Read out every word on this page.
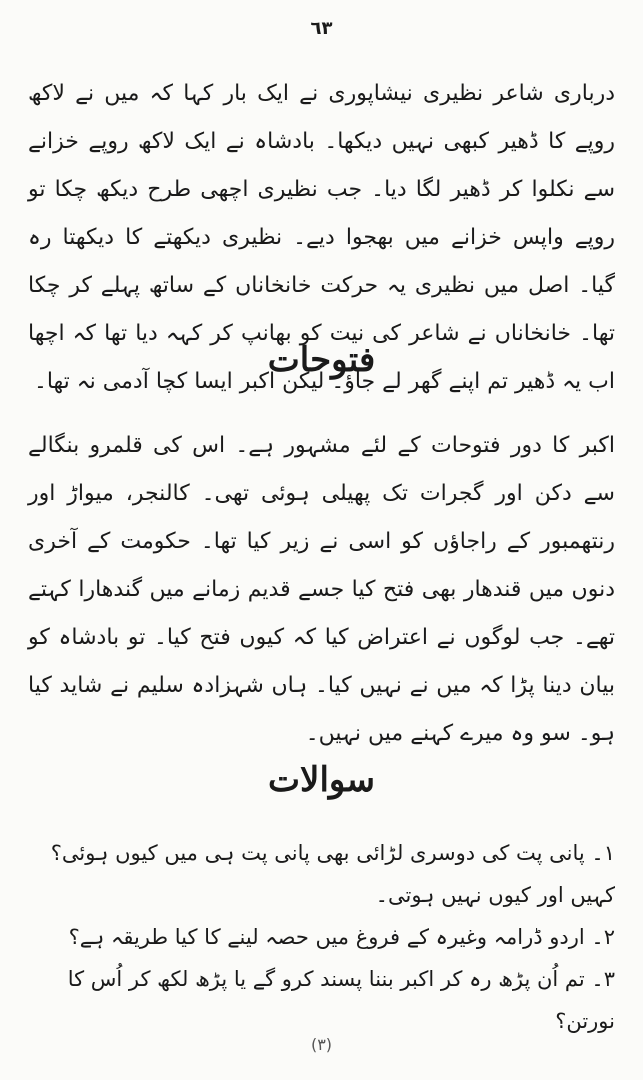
٦٣

درباری شاعر نظیری نیشاپوری نے ایک بار کہا کہ میں نے لاکھ روپے کا ڈھیر کبھی نہیں دیکھا۔ بادشاہ نے ایک لاکھ روپے خزانے سے نکلوا کر ڈھیر لگا دیا۔ جب نظیری اچھی طرح دیکھ چکا تو روپے واپس خزانے میں بھجوا دیے۔ نظیری دیکھتے کا دیکھتا رہ گیا۔ اصل میں نظیری یہ حرکت خانخاناں کے ساتھ پہلے کر چکا تھا۔ خانخاناں نے شاعر کی نیت کو بھانپ کر کہہ دیا تھا کہ اچھا اب یہ ڈھیر تم اپنے گھر لے جاؤ۔ لیکن اکبر ایسا کچا آدمی نہ تھا۔

فتوحات

اکبر کا دور فتوحات کے لئے مشہور ہے۔ اس کی قلمرو بنگالے سے دکن اور گجرات تک پھیلی ہوئی تھی۔ کالنجر، میواڑ اور رنتھمبور کے راجاؤں کو اسی نے زیر کیا تھا۔ حکومت کے آخری دنوں میں قندھار بھی فتح کیا جسے قدیم زمانے میں گندھارا کہتے تھے۔ جب لوگوں نے اعتراض کیا کہ کیوں فتح کیا۔ تو بادشاہ کو بیان دینا پڑا کہ میں نے نہیں کیا۔ ہاں شہزادہ سلیم نے شاید کیا ہو۔ سو وہ میرے کہنے میں نہیں۔

سوالات
١۔ پانی پت کی دوسری لڑائی بھی پانی پت ہی میں کیوں ہوئی؟ کہیں اور کیوں نہیں ہوتی۔
٢۔ اردو ڈرامہ وغیرہ کے فروغ میں حصہ لینے کا کیا طریقہ ہے؟
٣۔ تم اُن پڑھ رہ کر اکبر بننا پسند کرو گے یا پڑھ لکھ کر اُس کا نورتن؟
(۳)
